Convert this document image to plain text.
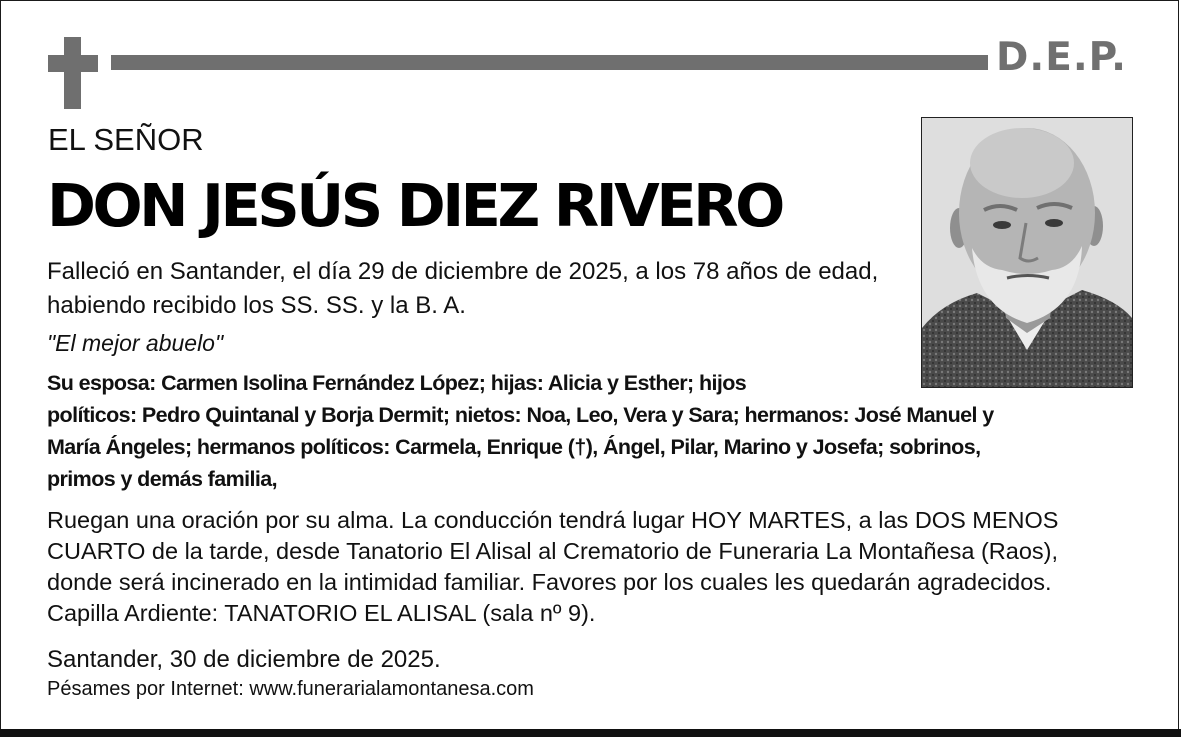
D.E.P.
EL SEÑOR
DON JESÚS DIEZ RIVERO
Falleció en Santander, el día 29 de diciembre de 2025, a los 78 años de edad,
habiendo recibido los SS. SS. y la B. A.
"El mejor abuelo"
Su esposa: Carmen Isolina Fernández López; hijas: Alicia y Esther; hijos
políticos: Pedro Quintanal y Borja Dermit; nietos: Noa, Leo, Vera y Sara; hermanos: José Manuel y
María Ángeles; hermanos políticos: Carmela, Enrique (†), Ángel, Pilar, Marino y Josefa; sobrinos,
primos y demás familia,
Ruegan una oración por su alma. La conducción tendrá lugar HOY MARTES, a las DOS MENOS
CUARTO de la tarde, desde Tanatorio El Alisal al Crematorio de Funeraria La Montañesa (Raos),
donde será incinerado en la intimidad familiar. Favores por los cuales les quedarán agradecidos.
Capilla Ardiente: TANATORIO EL ALISAL (sala nº 9).
Santander, 30 de diciembre de 2025.
Pésames por Internet: www.funerarialamontanesa.com
